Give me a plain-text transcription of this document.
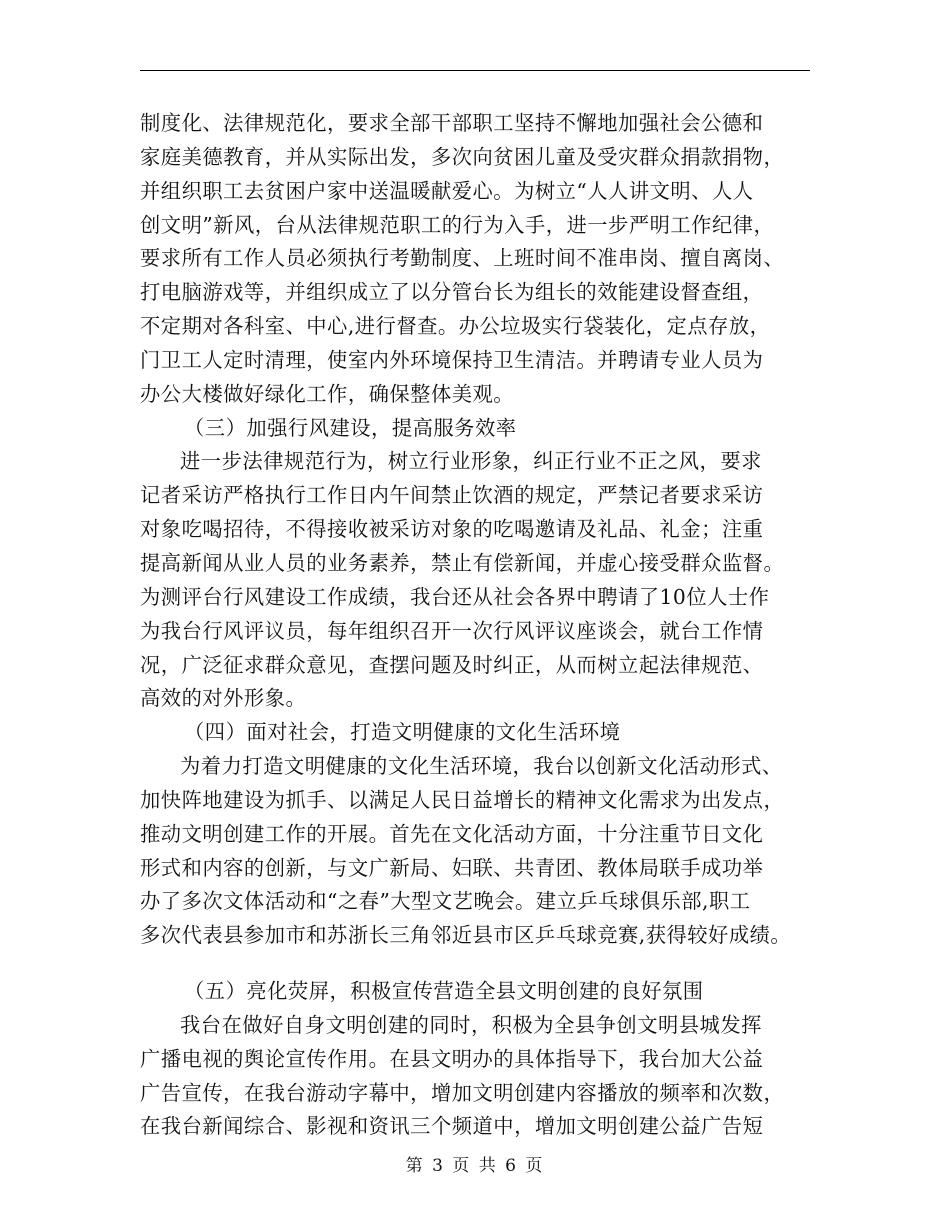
制度化、法律规范化，要求全部干部职工坚持不懈地加强社会公德和
家庭美德教育，并从实际出发，多次向贫困儿童及受灾群众捐款捐物，
并组织职工去贫困户家中送温暖献爱心。为树立“人人讲文明、人人
创文明”新风，台从法律规范职工的行为入手，进一步严明工作纪律，
要求所有工作人员必须执行考勤制度、上班时间不准串岗、擅自离岗、
打电脑游戏等，并组织成立了以分管台长为组长的效能建设督查组，
不定期对各科室、中心,进行督查。办公垃圾实行袋装化，定点存放，
门卫工人定时清理，使室内外环境保持卫生清洁。并聘请专业人员为
办公大楼做好绿化工作，确保整体美观。
（三）加强行风建设，提高服务效率
进一步法律规范行为，树立行业形象，纠正行业不正之风，要求
记者采访严格执行工作日内午间禁止饮酒的规定，严禁记者要求采访
对象吃喝招待，不得接收被采访对象的吃喝邀请及礼品、礼金；注重
提高新闻从业人员的业务素养，禁止有偿新闻，并虚心接受群众监督。
为测评台行风建设工作成绩，我台还从社会各界中聘请了10位人士作
为我台行风评议员，每年组织召开一次行风评议座谈会，就台工作情
况，广泛征求群众意见，查摆问题及时纠正，从而树立起法律规范、
高效的对外形象。
（四）面对社会，打造文明健康的文化生活环境
为着力打造文明健康的文化生活环境，我台以创新文化活动形式、
加快阵地建设为抓手、以满足人民日益增长的精神文化需求为出发点，
推动文明创建工作的开展。首先在文化活动方面，十分注重节日文化
形式和内容的创新，与文广新局、妇联、共青团、教体局联手成功举
办了多次文体活动和“之春”大型文艺晚会。建立乒乓球俱乐部,职工
多次代表县参加市和苏浙长三角邻近县市区乒乓球竞赛,获得较好成绩。
（五）亮化荧屏，积极宣传营造全县文明创建的良好氛围
我台在做好自身文明创建的同时，积极为全县争创文明县城发挥
广播电视的舆论宣传作用。在县文明办的具体指导下，我台加大公益
广告宣传，在我台游动字幕中，增加文明创建内容播放的频率和次数，
在我台新闻综合、影视和资讯三个频道中，增加文明创建公益广告短
第 3 页 共 6 页
